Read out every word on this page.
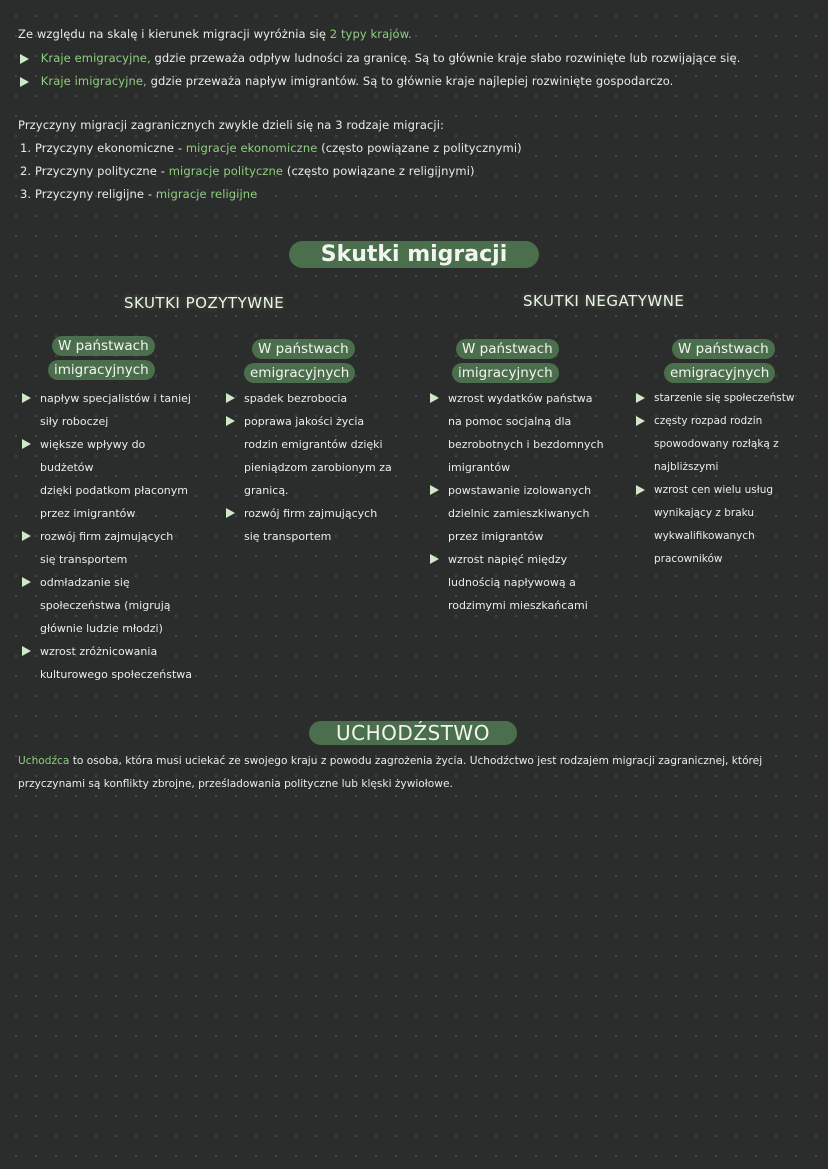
Ze względu na skalę i kierunek migracji wyróżnia się 2 typy krajów.
Kraje emigracyjne, gdzie przeważa odpływ ludności za granicę. Są to głównie kraje słabo rozwinięte lub rozwijające się.
Kraje imigracyjne, gdzie przeważa napływ imigrantów. Są to głównie kraje najlepiej rozwinięte gospodarczo.
Przyczyny migracji zagranicznych zwykle dzieli się na 3 rodzaje migracji:
1. Przyczyny ekonomiczne - migracje ekonomiczne (często powiązane z politycznymi)
2. Przyczyny polityczne - migracje polityczne (często powiązane z religijnymi)
3. Przyczyny religijne - migracje religijne
Skutki migracji
SKUTKI POZYTYWNE	SKUTKI NEGATYWNE
W państwach
imigracyjnych
napływ specjalistów i taniej
siły roboczej
większe wpływy do budżetów
dzięki podatkom płaconym
przez imigrantów
rozwój firm zajmujących
się transportem
odmładzanie się
społeczeństwa (migrują
głównie ludzie młodzi)
wzrost zróżnicowania
kulturowego społeczeństwa
W państwach
emigracyjnych
spadek bezrobocia
poprawa jakości życia
rodzin emigrantów dzięki
pieniądzom zarobionym za
granicą.
rozwój firm zajmujących
się transportem
W państwach
imigracyjnych
wzrost wydatków państwa
na pomoc socjalną dla
bezrobotnych i bezdomnych
imigrantów
powstawanie izolowanych
dzielnic zamieszkiwanych
przez imigrantów
wzrost napięć między
ludnością napływową a
rodzimymi mieszkańcami
W państwach
emigracyjnych
starzenie się społeczeństw
częsty rozpad rodzin
spowodowany rozłąką z
najbliższymi
wzrost cen wielu usług
wynikający z braku
wykwalifikowanych pracowników
UCHODŹSTWO
Uchodźca to osoba, która musi uciekać ze swojego kraju z powodu zagrożenia życia. Uchodźctwo jest rodzajem migracji zagranicznej, której
przyczynami są konflikty zbrojne, prześladowania polityczne lub klęski żywiołowe.
